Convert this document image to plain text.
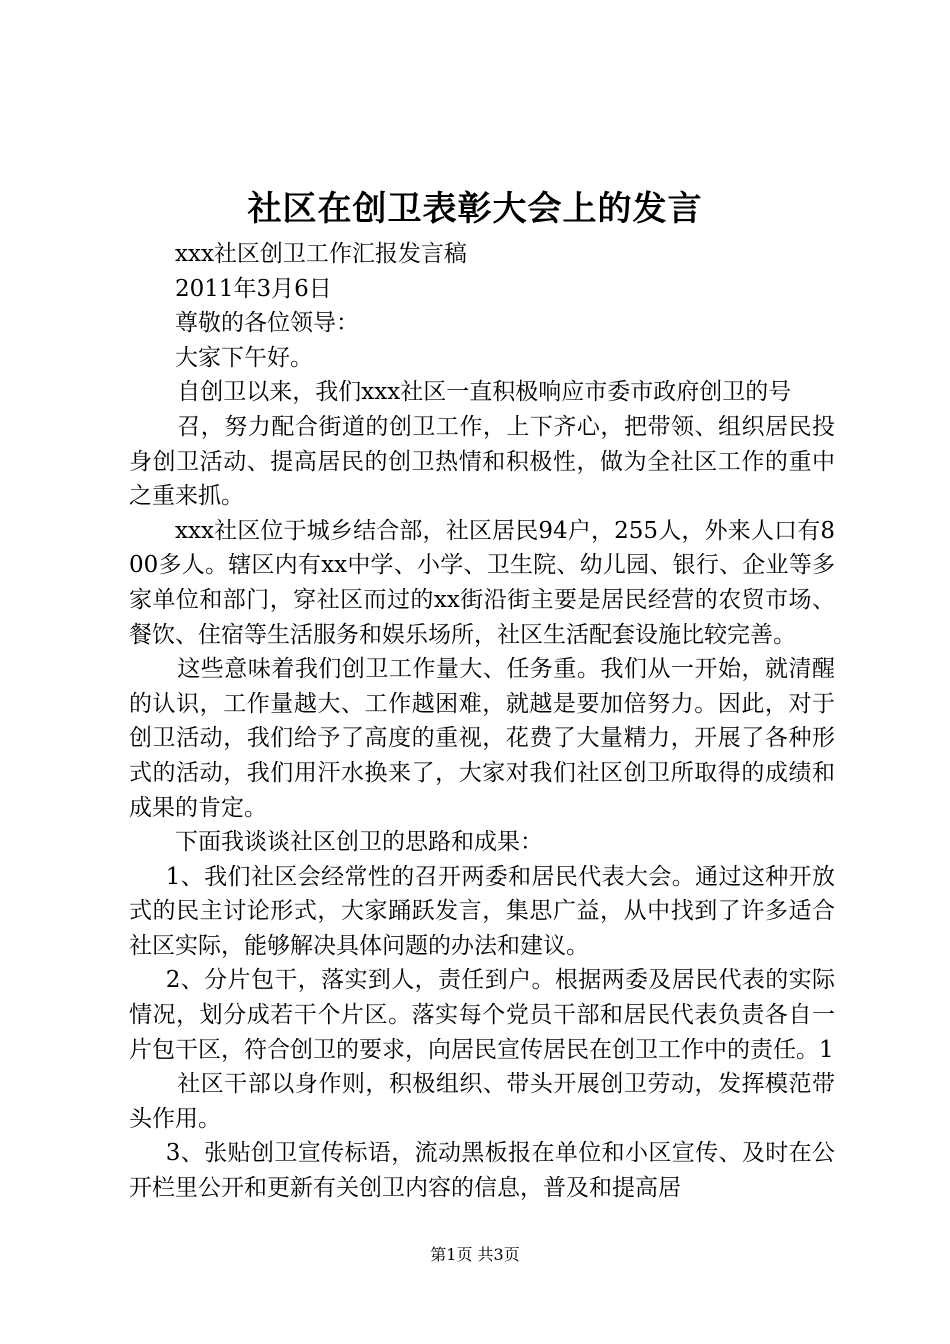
社区在创卫表彰大会上的发言

xxx社区创卫工作汇报发言稿

2011年3月6日

尊敬的各位领导：

大家下午好。

自创卫以来，我们xxx社区一直积极响应市委市政府创卫的号

召，努力配合街道的创卫工作，上下齐心，把带领、组织居民投身创卫活动、提高居民的创卫热情和积极性，做为全社区工作的重中之重来抓。

xxx社区位于城乡结合部，社区居民94户，255人，外来人口有800多人。辖区内有xx中学、小学、卫生院、幼儿园、银行、企业等多家单位和部门，穿社区而过的xx街沿街主要是居民经营的农贸市场、餐饮、住宿等生活服务和娱乐场所，社区生活配套设施比较完善。

这些意味着我们创卫工作量大、任务重。我们从一开始，就清醒的认识，工作量越大、工作越困难，就越是要加倍努力。因此，对于创卫活动，我们给予了高度的重视，花费了大量精力，开展了各种形式的活动，我们用汗水换来了，大家对我们社区创卫所取得的成绩和成果的肯定。

下面我谈谈社区创卫的思路和成果：

1、我们社区会经常性的召开两委和居民代表大会。通过这种开放式的民主讨论形式，大家踊跃发言，集思广益，从中找到了许多适合社区实际，能够解决具体问题的办法和建议。

2、分片包干，落实到人，责任到户。根据两委及居民代表的实际情况，划分成若干个片区。落实每个党员干部和居民代表负责各自一片包干区，符合创卫的要求，向居民宣传居民在创卫工作中的责任。1

社区干部以身作则，积极组织、带头开展创卫劳动，发挥模范带头作用。

3、张贴创卫宣传标语，流动黑板报在单位和小区宣传、及时在公开栏里公开和更新有关创卫内容的信息，普及和提高居

第1页 共3页
